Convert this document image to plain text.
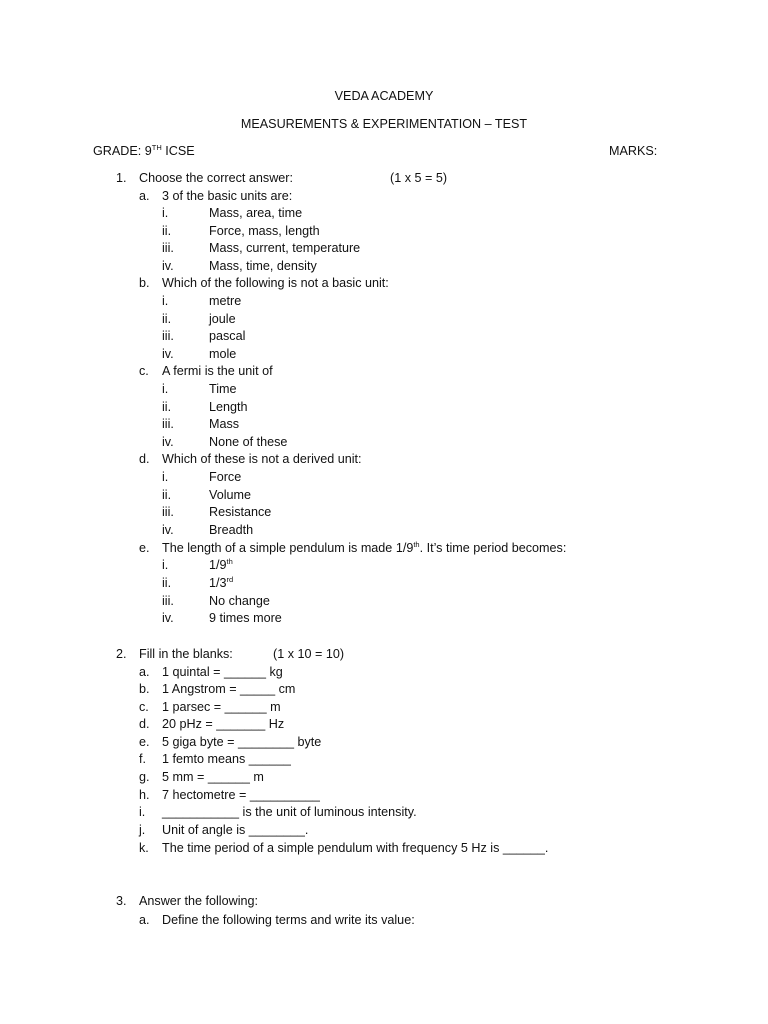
VEDA ACADEMY
MEASUREMENTS & EXPERIMENTATION – TEST
GRADE: 9TH ICSE	MARKS:
1. Choose the correct answer:	(1 x 5 = 5)
a. 3 of the basic units are:
i.	Mass, area, time
ii.	Force, mass, length
iii.	Mass, current, temperature
iv.	Mass, time, density
b. Which of the following is not a basic unit:
i.	metre
ii.	joule
iii.	pascal
iv.	mole
c. A fermi is the unit of
i.	Time
ii.	Length
iii.	Mass
iv.	None of these
d. Which of these is not a derived unit:
i.	Force
ii.	Volume
iii.	Resistance
iv.	Breadth
e. The length of a simple pendulum is made 1/9th. It’s time period becomes:
i.	1/9th
ii.	1/3rd
iii.	No change
iv.	9 times more
2. Fill in the blanks:	(1 x 10 = 10)
a. 1 quintal = ______ kg
b. 1 Angstrom = _____ cm
c. 1 parsec = ______ m
d. 20 pHz = _______ Hz
e. 5 giga byte = ________ byte
f. 1 femto means ______
g. 5 mm = ______ m
h. 7 hectometre = __________
i. ___________ is the unit of luminous intensity.
j. Unit of angle is ________.
k. The time period of a simple pendulum with frequency 5 Hz is ______.
3. Answer the following:
a. Define the following terms and write its value:
